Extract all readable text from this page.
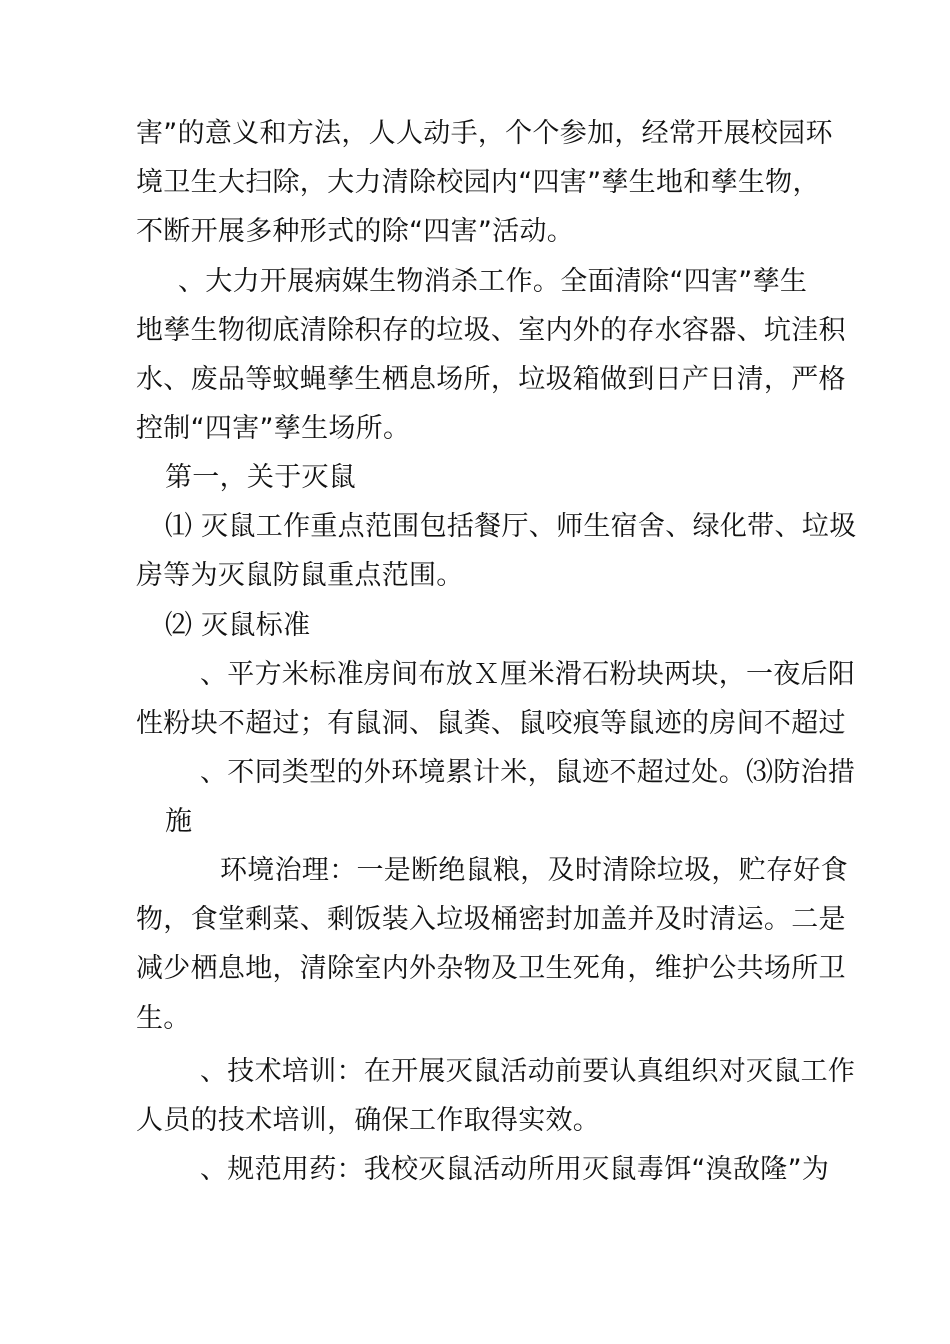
害”的意义和方法，人人动手，个个参加，经常开展校园环
境卫生大扫除，大力清除校园内“四害”孳生地和孳生物，
不断开展多种形式的除“四害”活动。
、大力开展病媒生物消杀工作。全面清除“四害”孳生
地孳生物彻底清除积存的垃圾、室内外的存水容器、坑洼积
水、废品等蚊蝇孳生栖息场所，垃圾箱做到日产日清，严格
控制“四害”孳生场所。
第一，关于灭鼠
⑴ 灭鼠工作重点范围包括餐厅、师生宿舍、绿化带、垃圾
房等为灭鼠防鼠重点范围。
⑵ 灭鼠标准
、平方米标准房间布放Ｘ厘米滑石粉块两块，一夜后阳
性粉块不超过；有鼠洞、鼠粪、鼠咬痕等鼠迹的房间不超过
、不同类型的外环境累计米，鼠迹不超过处。⑶防治措
施
环境治理：一是断绝鼠粮，及时清除垃圾，贮存好食
物，食堂剩菜、剩饭装入垃圾桶密封加盖并及时清运。二是
减少栖息地，清除室内外杂物及卫生死角，维护公共场所卫
生。
、技术培训：在开展灭鼠活动前要认真组织对灭鼠工作
人员的技术培训，确保工作取得实效。
、规范用药：我校灭鼠活动所用灭鼠毒饵“溴敌隆”为
